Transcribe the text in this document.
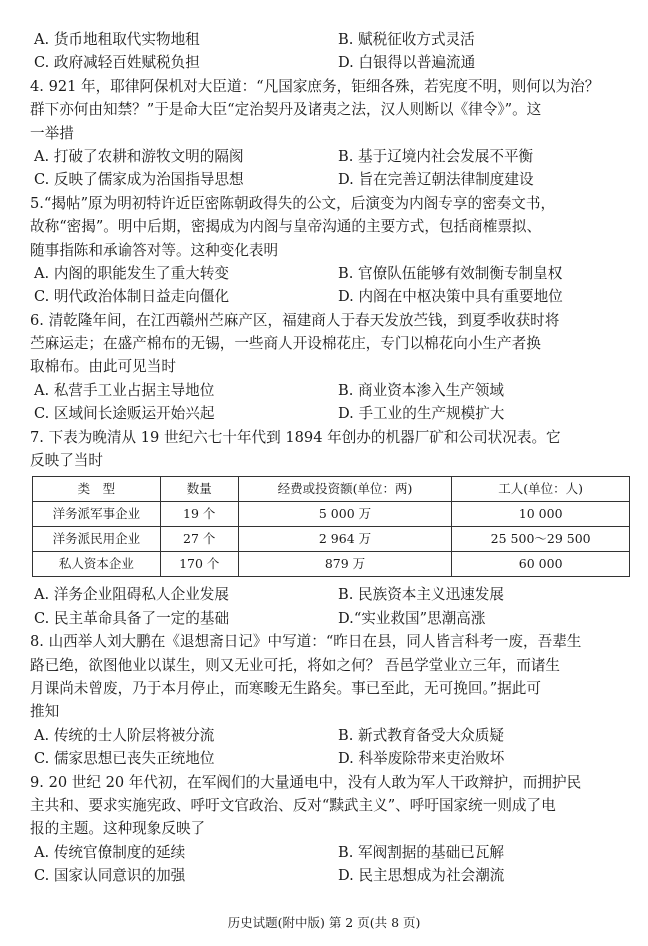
A. 货币地租取代实物地租	B. 赋税征收方式灵活
C. 政府减轻百姓赋税负担	D. 白银得以普遍流通
4. 921 年，耶律阿保机对大臣道：“凡国家庶务，钜细各殊，若宪度不明，则何以为治？
群下亦何由知禁？”于是命大臣“定治契丹及诸夷之法，汉人则断以《律令》”。这
一举措
A. 打破了农耕和游牧文明的隔阂	B. 基于辽境内社会发展不平衡
C. 反映了儒家成为治国指导思想	D. 旨在完善辽朝法律制度建设
5.“揭帖”原为明初特许近臣密陈朝政得失的公文，后演变为内阁专享的密奏文书，
故称“密揭”。明中后期，密揭成为内阁与皇帝沟通的主要方式，包括商榷票拟、
随事指陈和承谕答对等。这种变化表明
A. 内阁的职能发生了重大转变	B. 官僚队伍能够有效制衡专制皇权
C. 明代政治体制日益走向僵化	D. 内阁在中枢决策中具有重要地位
6. 清乾隆年间，在江西赣州苎麻产区，福建商人于春天发放苎钱，到夏季收获时将
苎麻运走；在盛产棉布的无锡，一些商人开设棉花庄，专门以棉花向小生产者换
取棉布。由此可见当时
A. 私营手工业占据主导地位	B. 商业资本渗入生产领域
C. 区域间长途贩运开始兴起	D. 手工业的生产规模扩大
7. 下表为晚清从 19 世纪六七十年代到 1894 年创办的机器厂矿和公司状况表。它
反映了当时
类　型	数量	经费或投资额(单位：两)	工人(单位：人)
洋务派军事企业	19 个	5 000 万	10 000
洋务派民用企业	27 个	2 964 万	25 500～29 500
私人资本企业	170 个	879 万	60 000
A. 洋务企业阻碍私人企业发展	B. 民族资本主义迅速发展
C. 民主革命具备了一定的基础	D.“实业救国”思潮高涨
8. 山西举人刘大鹏在《退想斋日记》中写道：“昨日在县，同人皆言科考一废，吾辈生
路已绝，欲图他业以谋生，则又无业可托，将如之何？ 吾邑学堂业立三年，而诸生
月课尚未曾废，乃于本月停止，而寒畯无生路矣。事已至此，无可挽回。”据此可
推知
A. 传统的士人阶层将被分流	B. 新式教育备受大众质疑
C. 儒家思想已丧失正统地位	D. 科举废除带来吏治败坏
9. 20 世纪 20 年代初，在军阀们的大量通电中，没有人敢为军人干政辩护，而拥护民
主共和、要求实施宪政、呼吁文官政治、反对“黩武主义”、呼吁国家统一则成了电
报的主题。这种现象反映了
A. 传统官僚制度的延续	B. 军阀割据的基础已瓦解
C. 国家认同意识的加强	D. 民主思想成为社会潮流
历史试题(附中版) 第 2 页(共 8 页)
